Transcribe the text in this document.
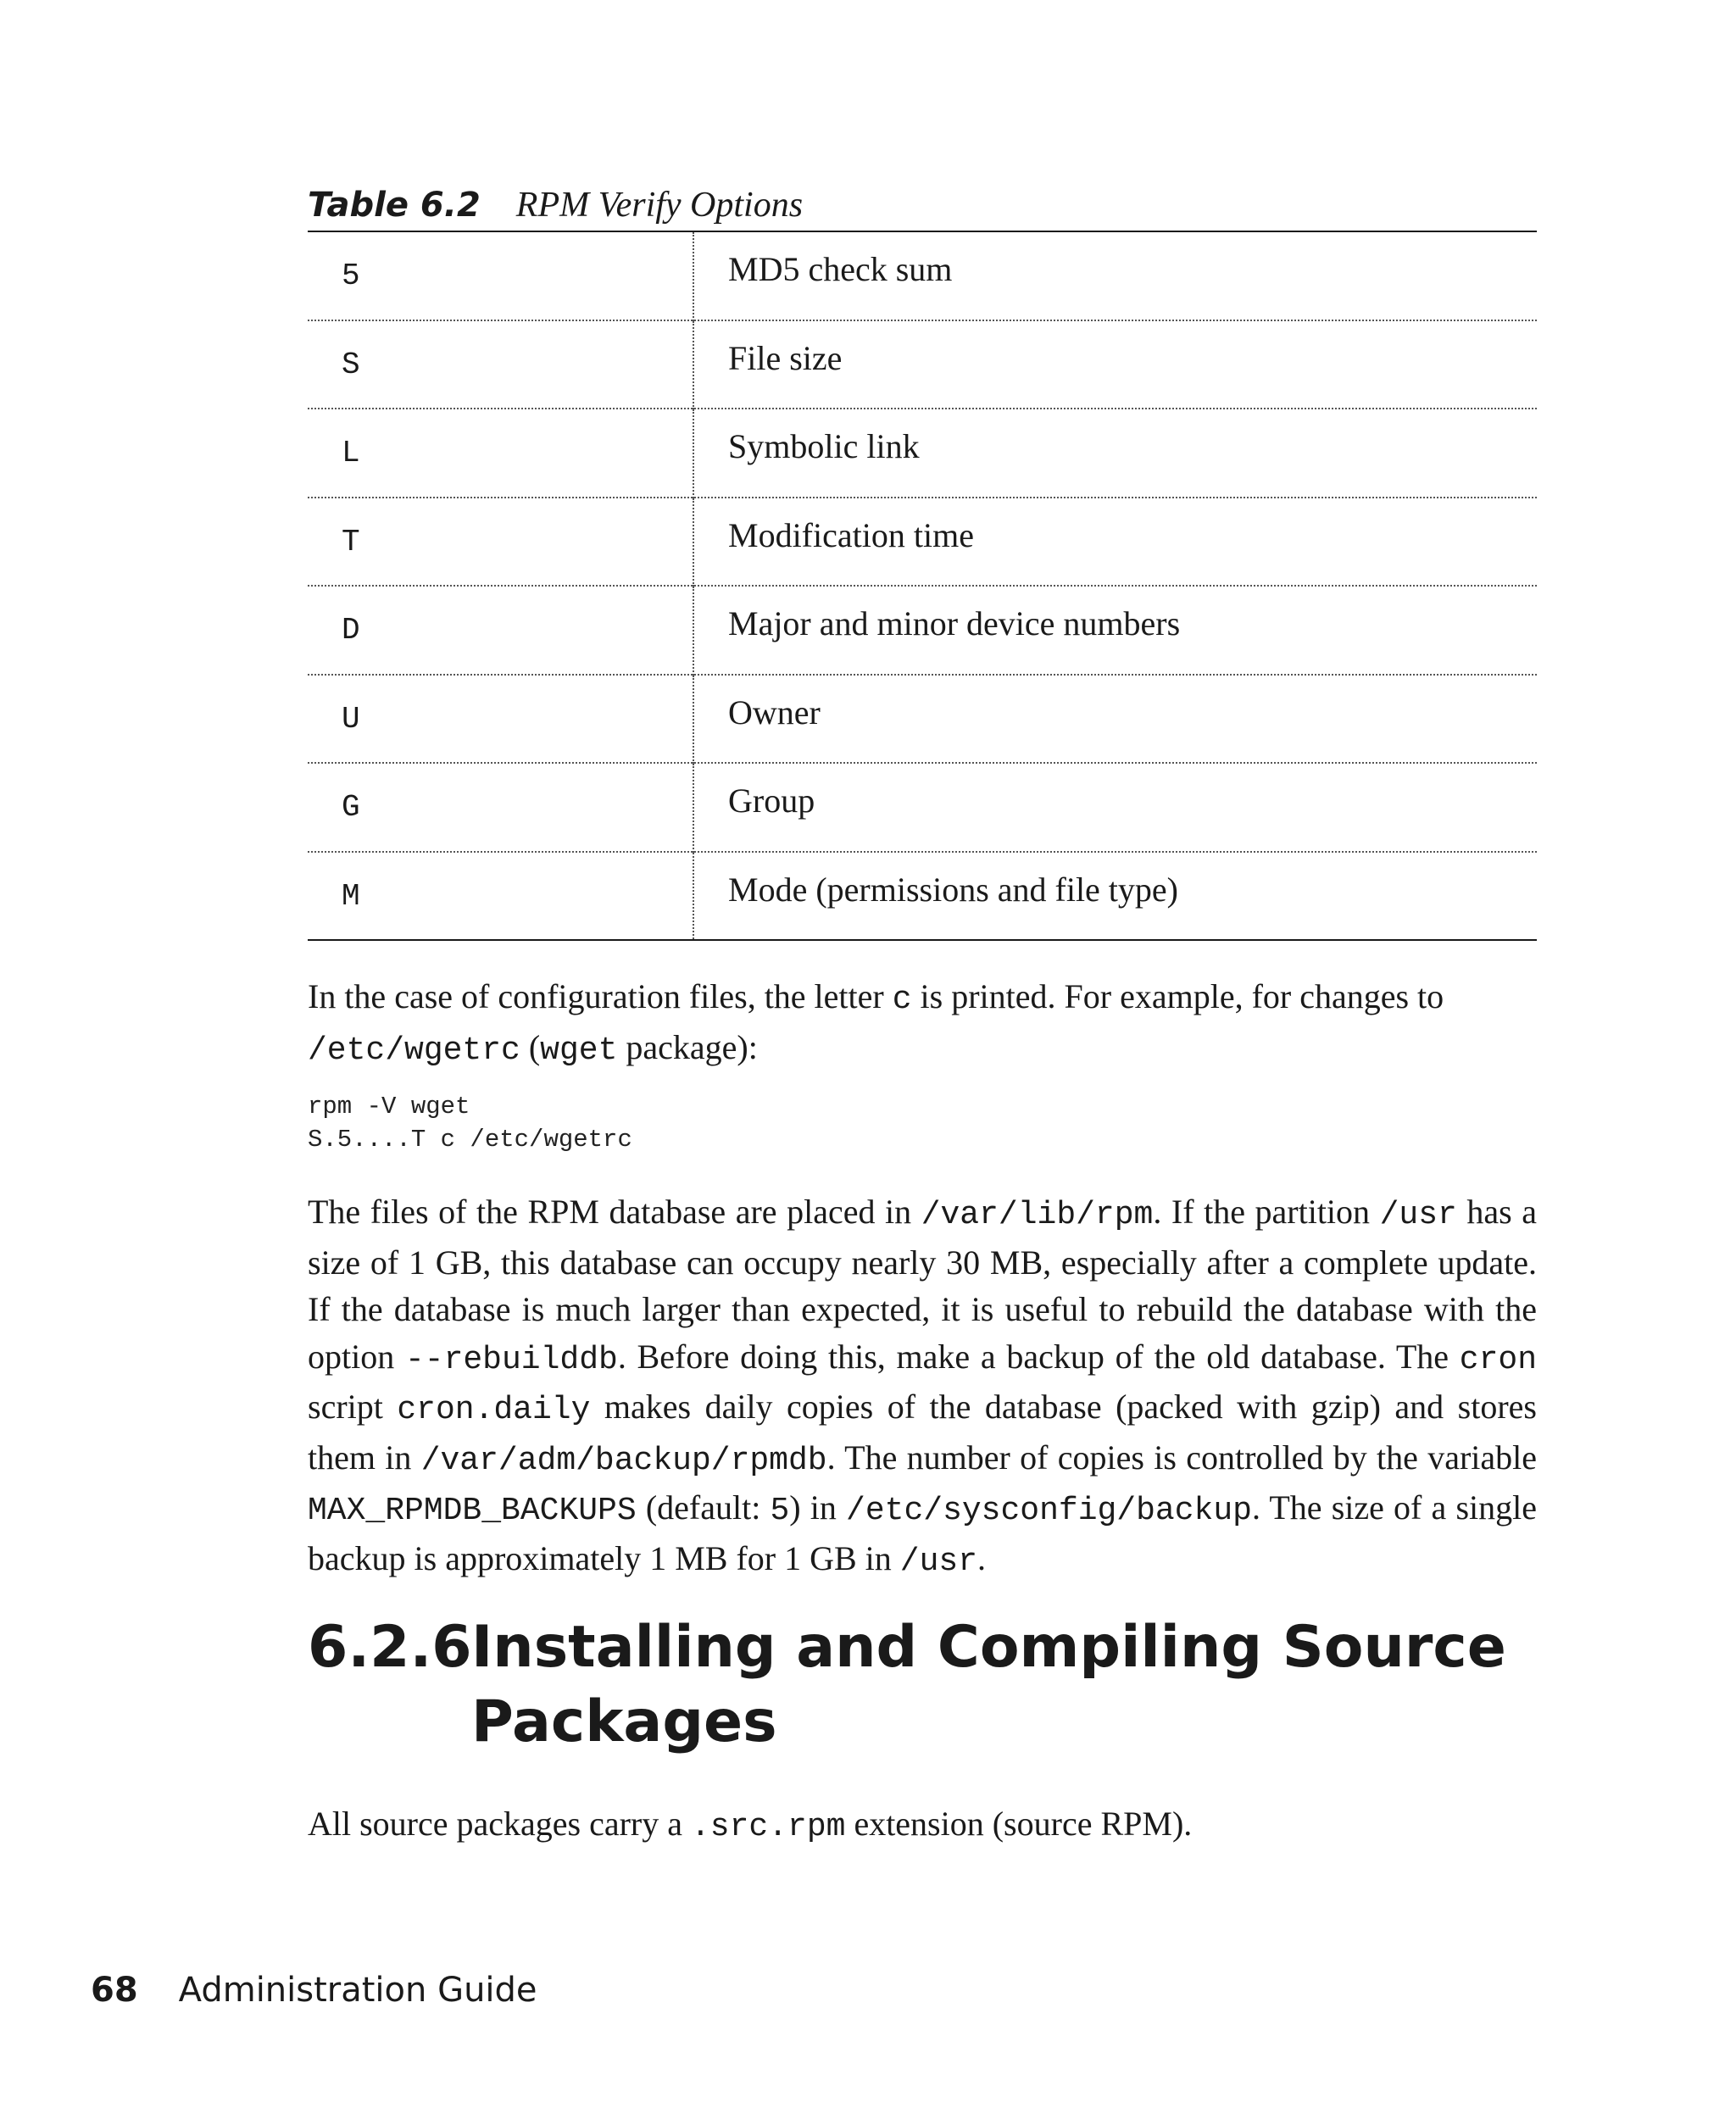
Table 6.2 RPM Verify Options
5	MD5 check sum
S	File size
L	Symbolic link
T	Modification time
D	Major and minor device numbers
U	Owner
G	Group
M	Mode (permissions and file type)

In the case of configuration files, the letter c is printed. For example, for changes to
/etc/wgetrc (wget package):

rpm -V wget
S.5....T c /etc/wgetrc

The files of the RPM database are placed in /var/lib/rpm. If the partition /usr has a size of 1 GB, this database can occupy nearly 30 MB, especially after a complete update. If the database is much larger than expected, it is useful to rebuild the database with the option --rebuilddb. Before doing this, make a backup of the old database. The cron script cron.daily makes daily copies of the database (packed with gzip) and stores them in /var/adm/backup/rpmdb. The number of copies is controlled by the variable MAX_RPMDB_BACKUPS (default: 5) in /etc/sysconfig/backup. The size of a single backup is approximately 1 MB for 1 GB in /usr.

6.2.6 Installing and Compiling Source Packages

All source packages carry a .src.rpm extension (source RPM).

68 Administration Guide
